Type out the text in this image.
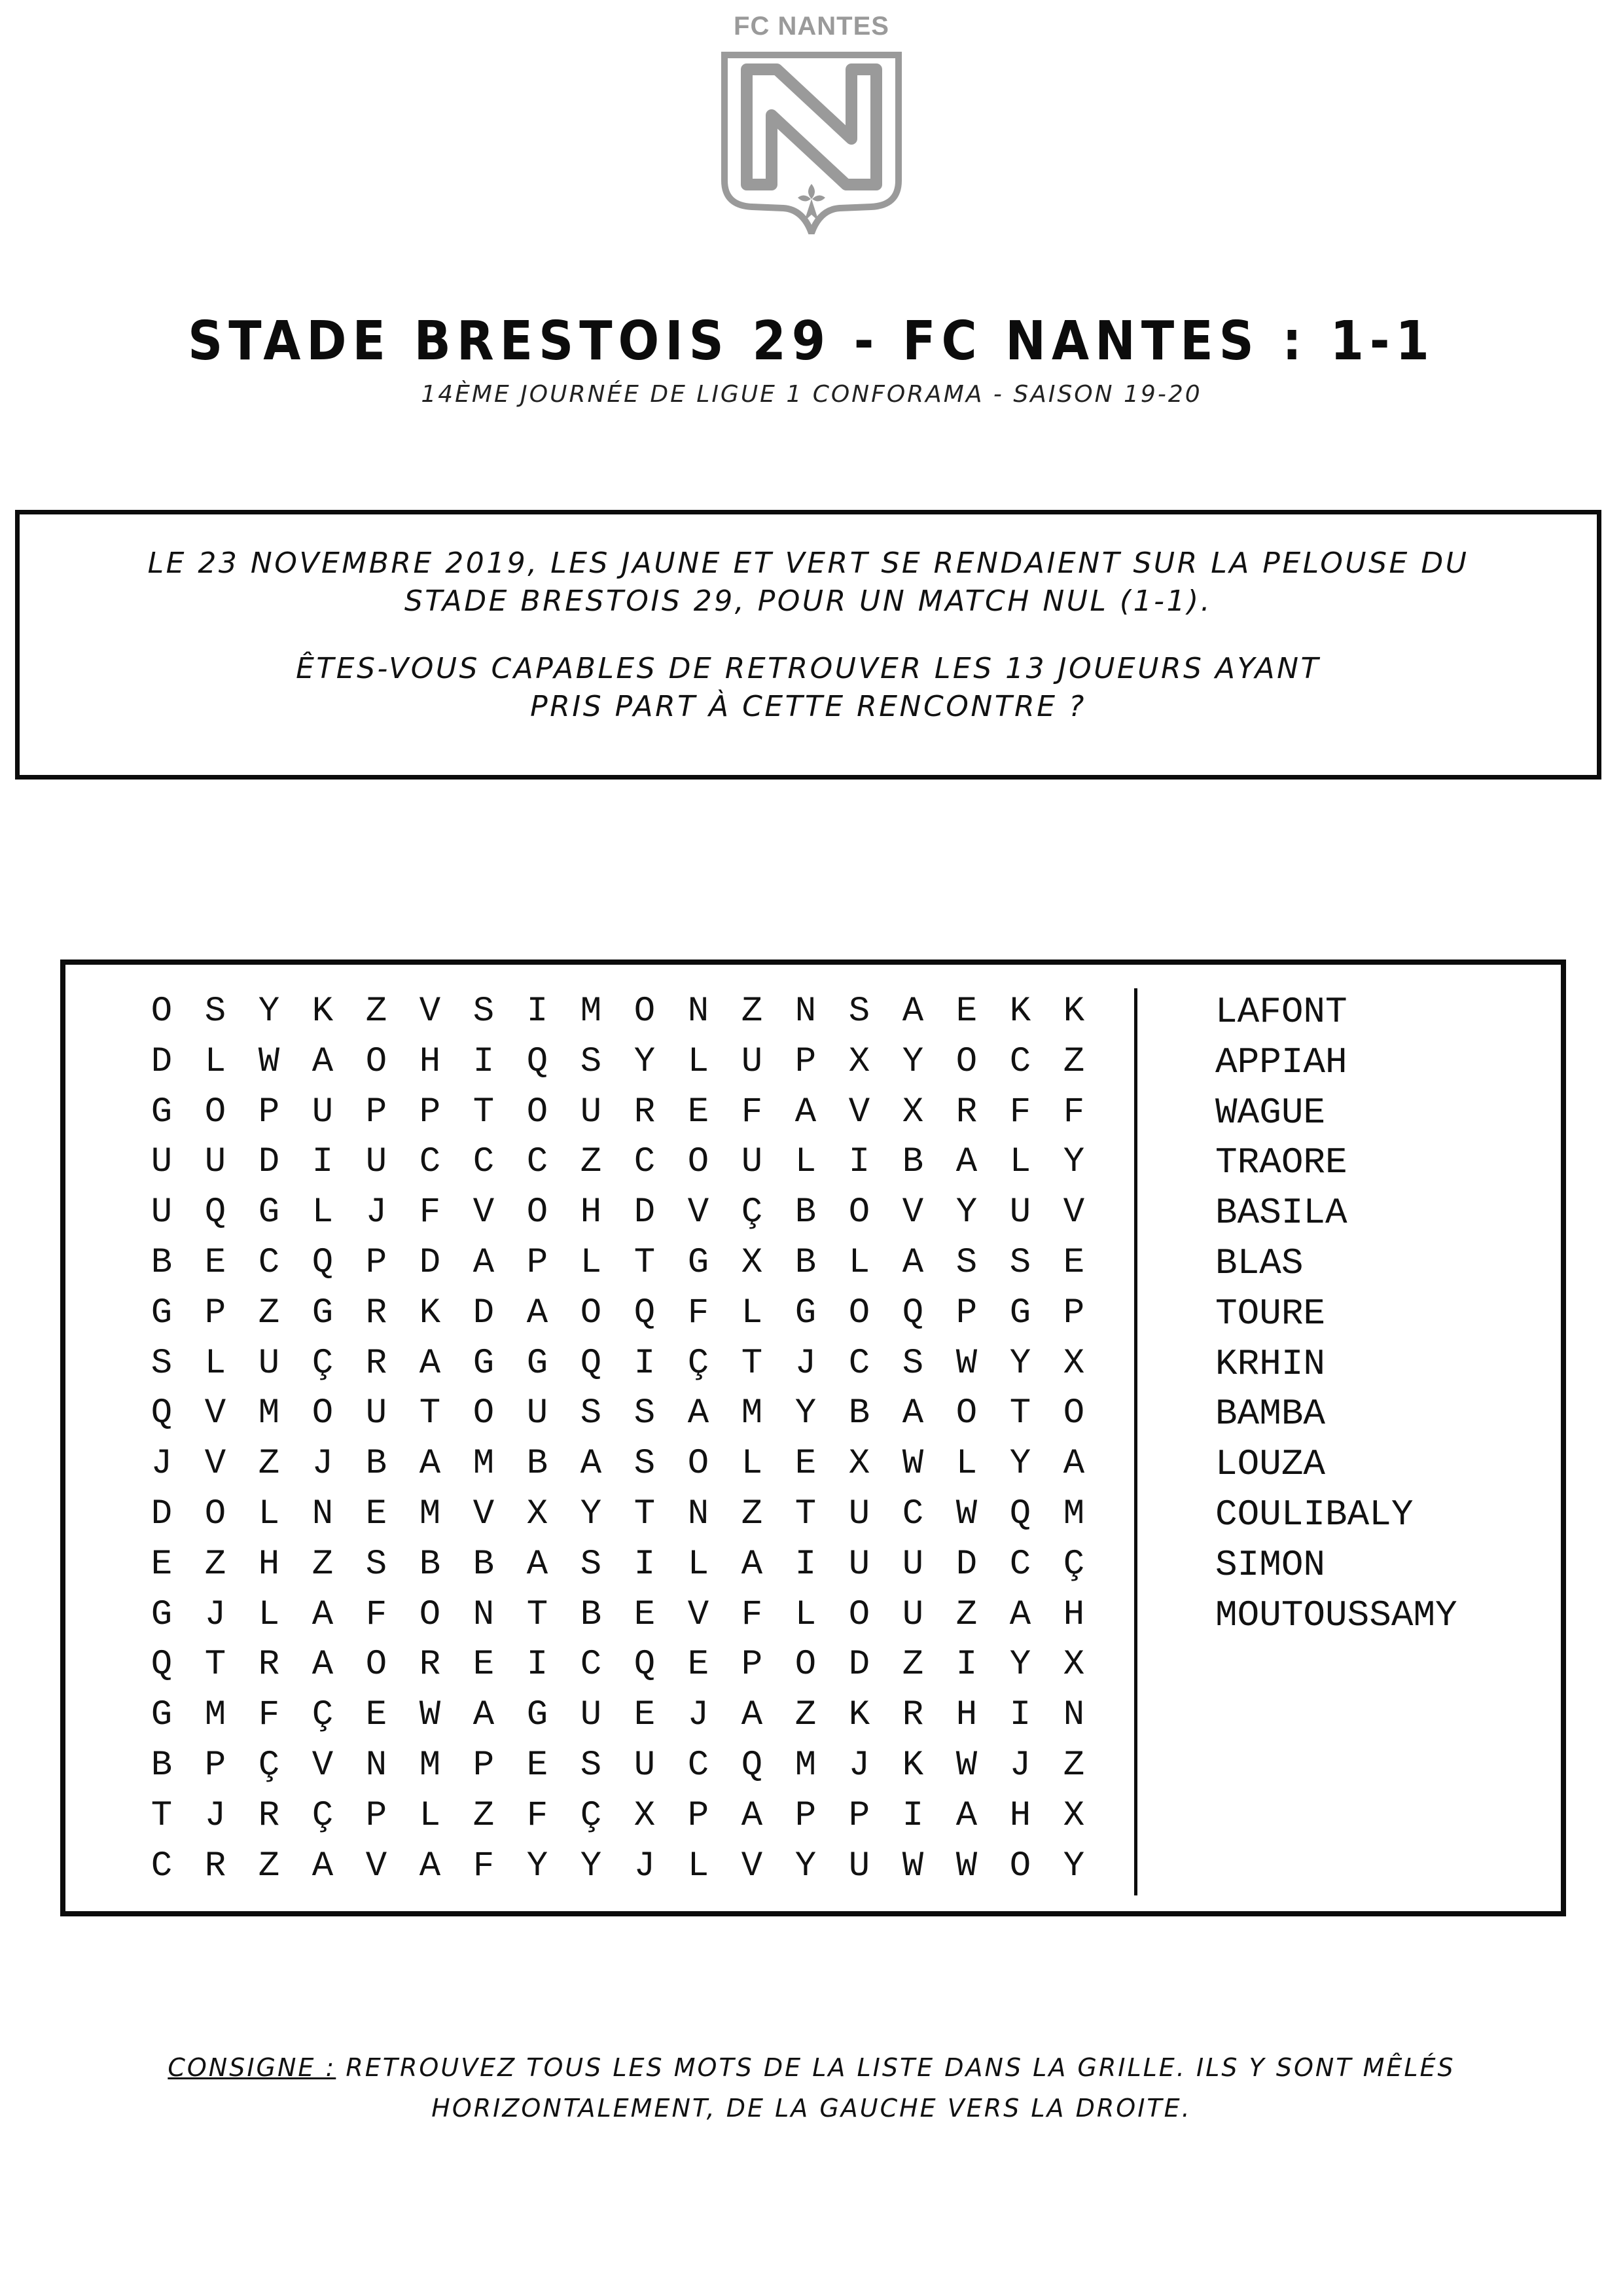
FC NANTES
STADE BRESTOIS 29 - FC NANTES : 1-1
14ÈME JOURNÉE DE LIGUE 1 CONFORAMA - SAISON 19-20

LE 23 NOVEMBRE 2019, LES JAUNE ET VERT SE RENDAIENT SUR LA PELOUSE DU
STADE BRESTOIS 29, POUR UN MATCH NUL (1-1).

ÊTES-VOUS CAPABLES DE RETROUVER LES 13 JOUEURS AYANT
PRIS PART À CETTE RENCONTRE ?

O S Y K Z V S I M O N Z N S A E K K
D L W A O H I Q S Y L U P X Y O C Z
G O P U P P T O U R E F A V X R F F
U U D I U C C C Z C O U L I B A L Y
U Q G L J F V O H D V Ç B O V Y U V
B E C Q P D A P L T G X B L A S S E
G P Z G R K D A O Q F L G O Q P G P
S L U Ç R A G G Q I Ç T J C S W Y X
Q V M O U T O U S S A M Y B A O T O
J V Z J B A M B A S O L E X W L Y A
D O L N E M V X Y T N Z T U C W Q M
E Z H Z S B B A S I L A I U U D C Ç
G J L A F O N T B E V F L O U Z A H
Q T R A O R E I C Q E P O D Z I Y X
G M F Ç E W A G U E J A Z K R H I N
B P Ç V N M P E S U C Q M J K W J Z
T J R Ç P L Z F Ç X P A P P I A H X
C R Z A V A F Y Y J L V Y U W W O Y
LAFONT
APPIAH
WAGUE
TRAORE
BASILA
BLAS
TOURE
KRHIN
BAMBA
LOUZA
COULIBALY
SIMON
MOUTOUSSAMY
CONSIGNE : RETROUVEZ TOUS LES MOTS DE LA LISTE DANS LA GRILLE. ILS Y SONT MÊLÉS
HORIZONTALEMENT, DE LA GAUCHE VERS LA DROITE.
